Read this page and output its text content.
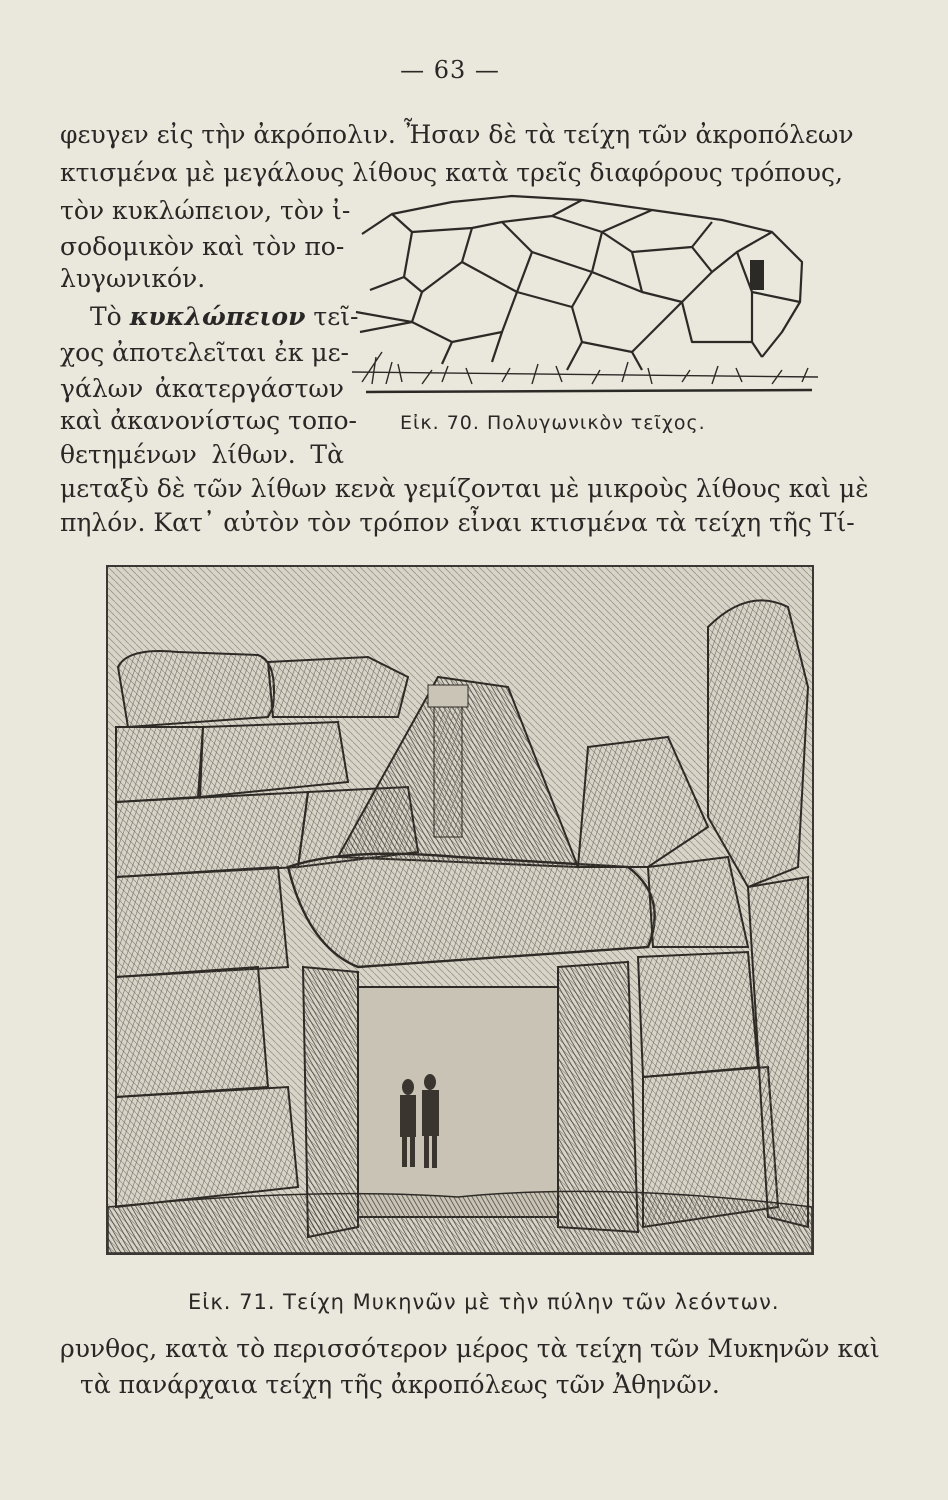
— 63 —
φευγεν εἰς τὴν ἀκρόπολιν. Ἦσαν δὲ τὰ τείχη τῶν ἀκροπόλεων
κτισμένα μὲ μεγάλους λίθους κατὰ τρεῖς διαφόρους τρόπους,
τὸν κυκλώπειον, τὸν ἰ-
σοδομικὸν καὶ τὸν πο-
λυγωνικόν.
Τὸ κυκλώπειον τεῖ-
χος ἀποτελεῖται ἐκ με-
γάλων ἀκατεργάστων
καὶ ἀκανονίστως τοπο-
θετημένων λίθων. Τὰ
μεταξὺ δὲ τῶν λίθων κενὰ γεμίζονται μὲ μικροὺς λίθους καὶ μὲ
πηλόν. Κατ᾽ αὐτὸν τὸν τρόπον εἶναι κτισμένα τὰ τείχη τῆς Τί-
ρυνθος, κατὰ τὸ περισσότερον μέρος τὰ τείχη τῶν Μυκηνῶν καὶ
τὰ πανάρχαια τείχη τῆς ἀκροπόλεως τῶν Ἀθηνῶν.
Εἰκ. 70. Πολυγωνικὸν τεῖχος.
Εἰκ. 71. Τείχη Μυκηνῶν μὲ τὴν πύλην τῶν λεόντων.
